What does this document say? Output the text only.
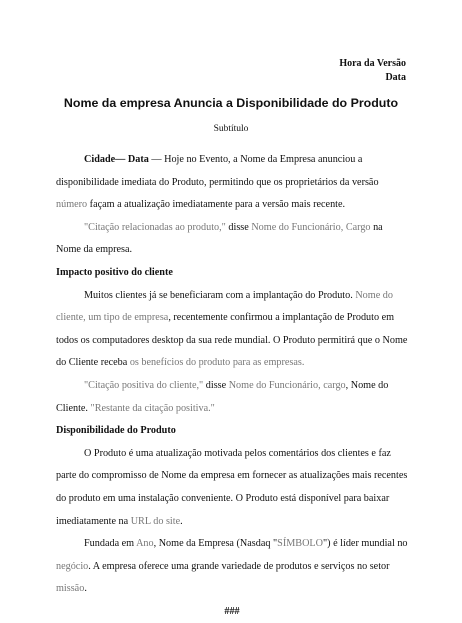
Hora da Versão
Data
Nome da empresa Anuncia a Disponibilidade do Produto
Subtítulo

Cidade— Data — Hoje no Evento, a Nome da Empresa anunciou a disponibilidade imediata do Produto, permitindo que os proprietários da versão número façam a atualização imediatamente para a versão mais recente.

"Citação relacionadas ao produto," disse Nome do Funcionário, Cargo na Nome da empresa.

Impacto positivo do cliente

Muitos clientes já se beneficiaram com a implantação do Produto. Nome do cliente, um tipo de empresa, recentemente confirmou a implantação de Produto em todos os computadores desktop da sua rede mundial. O Produto permitirá que o Nome do Cliente receba os benefícios do produto para as empresas.

"Citação positiva do cliente," disse Nome do Funcionário, cargo, Nome do Cliente. "Restante da citação positiva."

Disponibilidade do Produto

O Produto é uma atualização motivada pelos comentários dos clientes e faz parte do compromisso de Nome da empresa em fornecer as atualizações mais recentes do produto em uma instalação conveniente. O Produto está disponível para baixar imediatamente na URL do site.

Fundada em Ano, Nome da Empresa (Nasdaq "SÍMBOLO") é líder mundial no negócio. A empresa oferece uma grande variedade de produtos e serviços no setor missão.

###
